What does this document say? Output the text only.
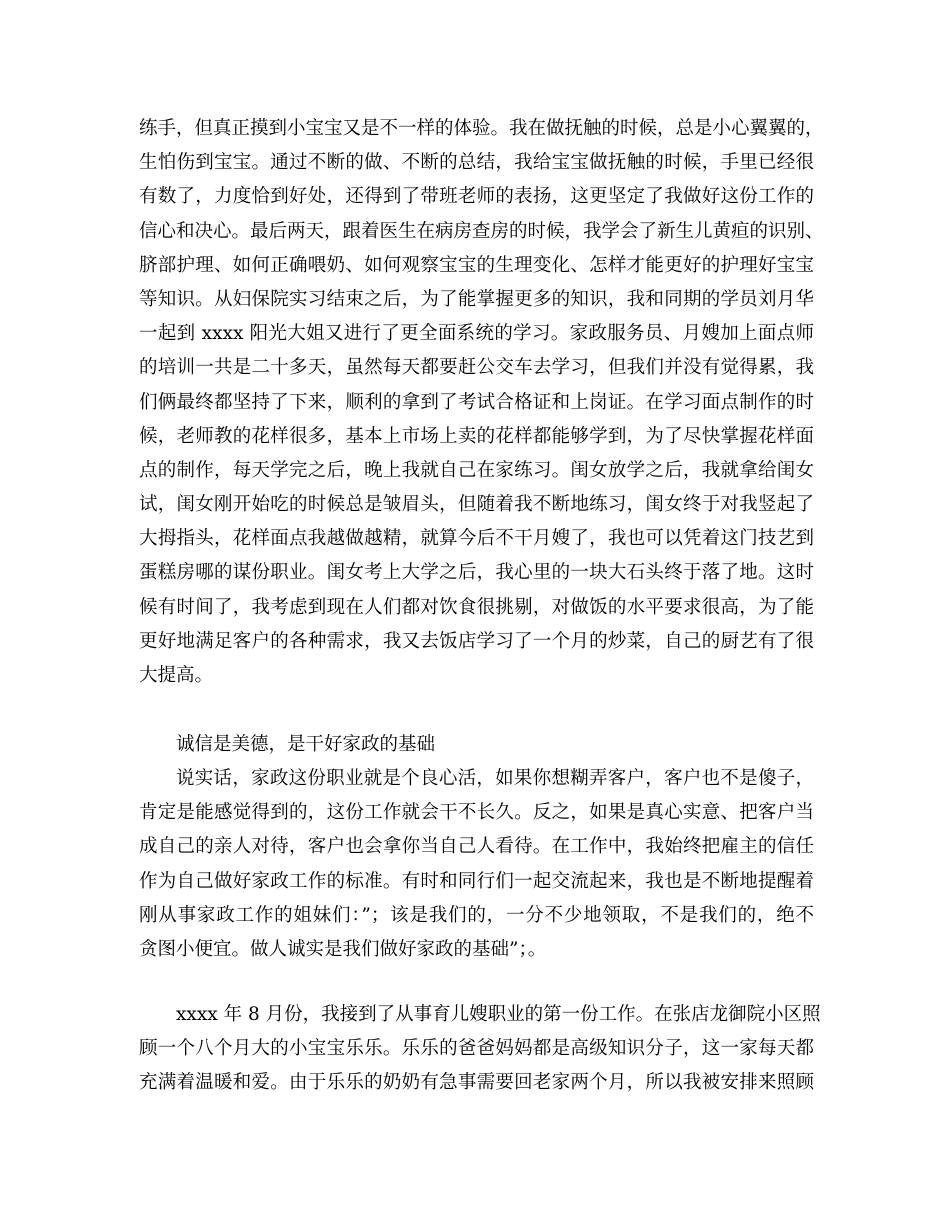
练手，但真正摸到小宝宝又是不一样的体验。我在做抚触的时候，总是小心翼翼的，
生怕伤到宝宝。通过不断的做、不断的总结，我给宝宝做抚触的时候，手里已经很
有数了，力度恰到好处，还得到了带班老师的表扬，这更坚定了我做好这份工作的
信心和决心。最后两天，跟着医生在病房查房的时候，我学会了新生儿黄疸的识别、
脐部护理、如何正确喂奶、如何观察宝宝的生理变化、怎样才能更好的护理好宝宝
等知识。从妇保院实习结束之后，为了能掌握更多的知识，我和同期的学员刘月华
一起到 xxxx 阳光大姐又进行了更全面系统的学习。家政服务员、月嫂加上面点师
的培训一共是二十多天，虽然每天都要赶公交车去学习，但我们并没有觉得累，我
们俩最终都坚持了下来，顺利的拿到了考试合格证和上岗证。在学习面点制作的时
候，老师教的花样很多，基本上市场上卖的花样都能够学到，为了尽快掌握花样面
点的制作，每天学完之后，晚上我就自己在家练习。闺女放学之后，我就拿给闺女
试，闺女刚开始吃的时候总是皱眉头，但随着我不断地练习，闺女终于对我竖起了
大拇指头，花样面点我越做越精，就算今后不干月嫂了，我也可以凭着这门技艺到
蛋糕房哪的谋份职业。闺女考上大学之后，我心里的一块大石头终于落了地。这时
候有时间了，我考虑到现在人们都对饮食很挑剔，对做饭的水平要求很高，为了能
更好地满足客户的各种需求，我又去饭店学习了一个月的炒菜，自己的厨艺有了很
大提高。
诚信是美德，是干好家政的基础
说实话，家政这份职业就是个良心活，如果你想糊弄客户，客户也不是傻子，
肯定是能感觉得到的，这份工作就会干不长久。反之，如果是真心实意、把客户当
成自己的亲人对待，客户也会拿你当自己人看待。在工作中，我始终把雇主的信任
作为自己做好家政工作的标准。有时和同行们一起交流起来，我也是不断地提醒着
刚从事家政工作的姐妹们：”；该是我们的，一分不少地领取，不是我们的，绝不
贪图小便宜。做人诚实是我们做好家政的基础”；。
xxxx 年 8 月份，我接到了从事育儿嫂职业的第一份工作。在张店龙御院小区照
顾一个八个月大的小宝宝乐乐。乐乐的爸爸妈妈都是高级知识分子，这一家每天都
充满着温暖和爱。由于乐乐的奶奶有急事需要回老家两个月，所以我被安排来照顾
